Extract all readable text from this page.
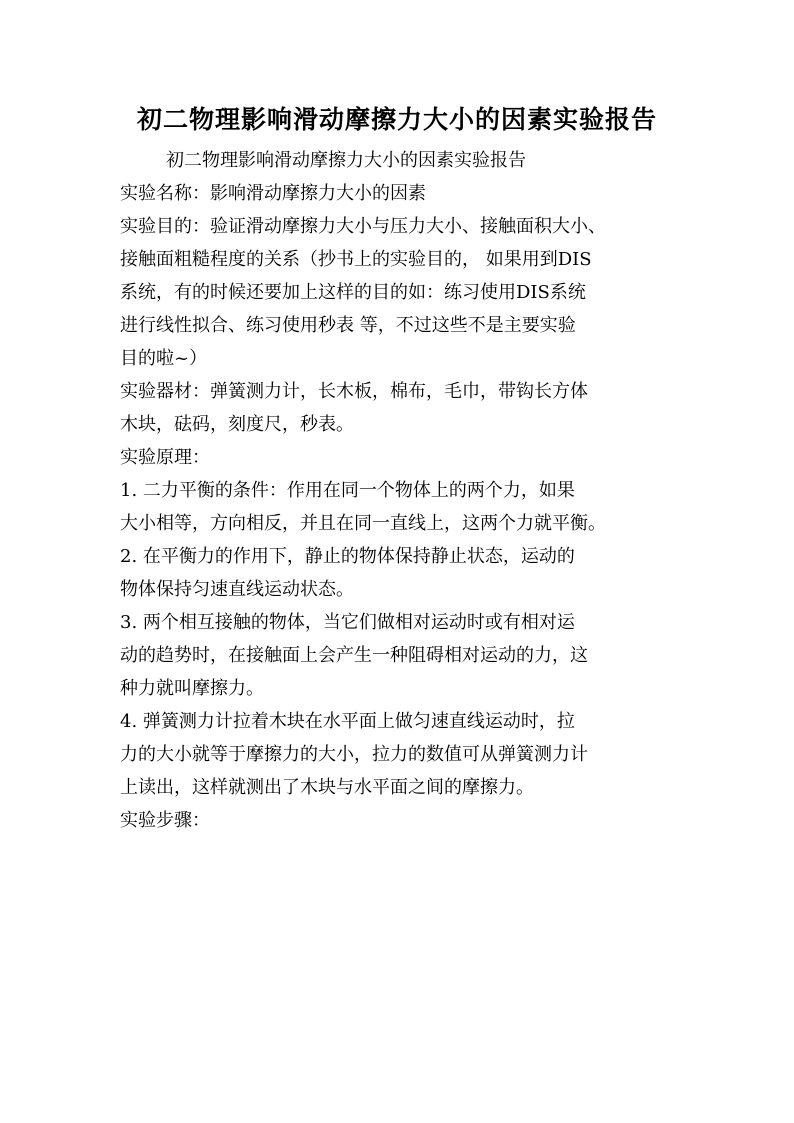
初二物理影响滑动摩擦力大小的因素实验报告
初二物理影响滑动摩擦力大小的因素实验报告
实验名称：影响滑动摩擦力大小的因素
实验目的：验证滑动摩擦力大小与压力大小、接触面积大小、
接触面粗糙程度的关系（抄书上的实验目的， 如果用到DIS
系统，有的时候还要加上这样的目的如：练习使用DIS系统
进行线性拟合、练习使用秒表 等，不过这些不是主要实验
目的啦~）
实验器材：弹簧测力计，长木板，棉布，毛巾，带钩长方体
木块，砝码，刻度尺，秒表。
实验原理：
1. 二力平衡的条件：作用在同一个物体上的两个力，如果
大小相等，方向相反，并且在同一直线上，这两个力就平衡。
2. 在平衡力的作用下，静止的物体保持静止状态，运动的
物体保持匀速直线运动状态。
3. 两个相互接触的物体，当它们做相对运动时或有相对运
动的趋势时，在接触面上会产生一种阻碍相对运动的力，这
种力就叫摩擦力。
4. 弹簧测力计拉着木块在水平面上做匀速直线运动时，拉
力的大小就等于摩擦力的大小，拉力的数值可从弹簧测力计
上读出，这样就测出了木块与水平面之间的摩擦力。
实验步骤：
